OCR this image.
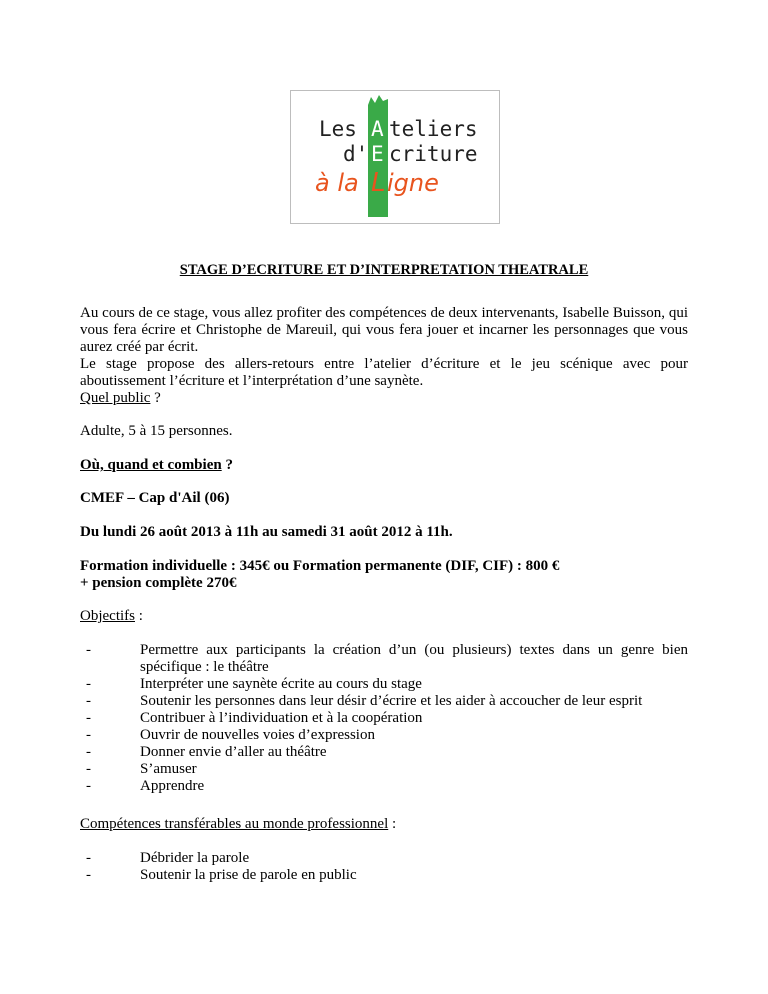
Les A teliers
d' E criture
à la L igne
STAGE D’ECRITURE ET D’INTERPRETATION THEATRALE

Au cours de ce stage, vous allez profiter des compétences de deux intervenants, Isabelle Buisson, qui vous fera écrire et Christophe de Mareuil, qui vous fera jouer et incarner les personnages que vous aurez créé par écrit.

Le stage propose des allers-retours entre l’atelier d’écriture et le jeu scénique avec pour aboutissement l’écriture et l’interprétation d’une saynète.

Quel public ?
Adulte, 5 à 15 personnes.
Où, quand et combien ?
CMEF – Cap d'Ail (06)
Du lundi 26 août 2013 à 11h au samedi 31 août 2012 à 11h.

Formation individuelle : 345€ ou Formation permanente (DIF, CIF) : 800 €

+ pension complète 270€

Objectifs :
- Permettre aux participants la création d’un (ou plusieurs) textes dans un genre bien spécifique : le théâtre
- Interpréter une saynète écrite au cours du stage
- Soutenir les personnes dans leur désir d’écrire et les aider à accoucher de leur esprit
- Contribuer à l’individuation et à la coopération
- Ouvrir de nouvelles voies d’expression
- Donner envie d’aller au théâtre
- S’amuser
- Apprendre
Compétences transférables au monde professionnel :
- Débrider la parole
- Soutenir la prise de parole en public
